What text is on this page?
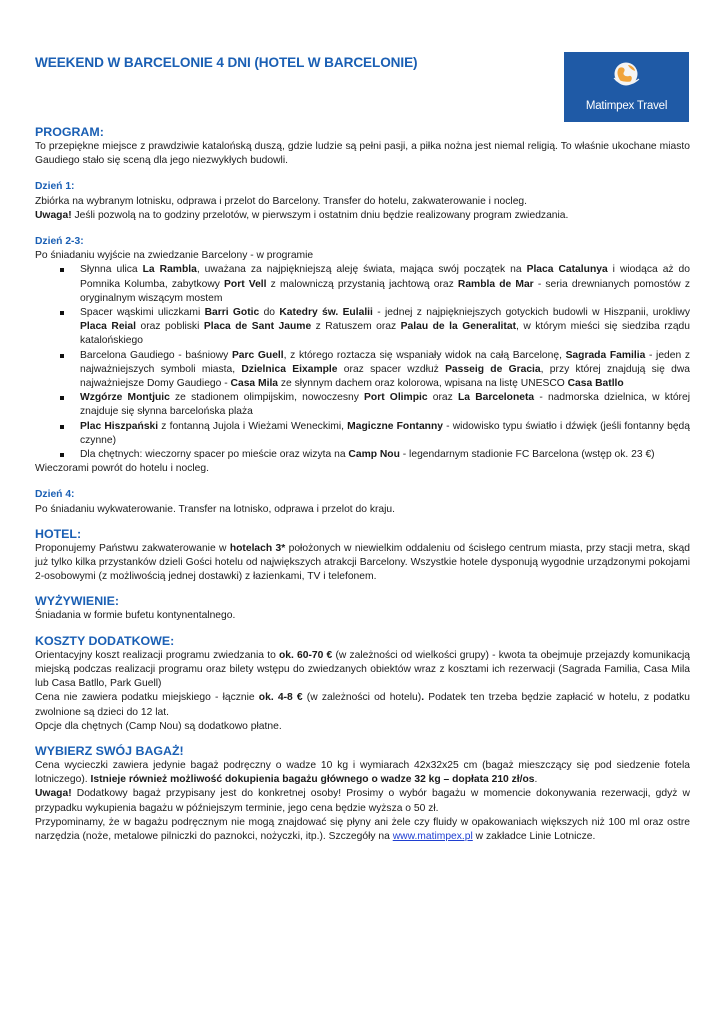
WEEKEND W BARCELONIE 4 DNI (HOTEL W BARCELONIE)
Matimpex Travel
PROGRAM:

To przepiękne miejsce z prawdziwie katalońską duszą, gdzie ludzie są pełni pasji, a piłka nożna jest niemal religią. To właśnie ukochane miasto Gaudiego stało się sceną dla jego niezwykłych budowli.

Dzień 1:

Zbiórka na wybranym lotnisku, odprawa i przelot do Barcelony. Transfer do hotelu, zakwaterowanie i nocleg.

Uwaga! Jeśli pozwolą na to godziny przelotów, w pierwszym i ostatnim dniu będzie realizowany program zwiedzania.

Dzień 2-3:

Po śniadaniu wyjście na zwiedzanie Barcelony - w programie

Słynna ulica La Rambla, uważana za najpiękniejszą aleję świata, mająca swój początek na Placa Catalunya i wiodąca aż do Pomnika Kolumba, zabytkowy Port Vell z malowniczą przystanią jachtową oraz Rambla de Mar - seria drewnianych pomostów z oryginalnym wiszącym mostem
Spacer wąskimi uliczkami Barri Gotic do Katedry św. Eulalii - jednej z najpiękniejszych gotyckich budowli w Hiszpanii, urokliwy Placa Reial oraz pobliski Placa de Sant Jaume z Ratuszem oraz Palau de la Generalitat, w którym mieści się siedziba rządu katalońskiego
Barcelona Gaudiego - baśniowy Parc Guell, z którego roztacza się wspaniały widok na całą Barcelonę, Sagrada Familia - jeden z najważniejszych symboli miasta, Dzielnica Eixample oraz spacer wzdłuż Passeig de Gracia, przy której znajdują się dwa najważniejsze Domy Gaudiego - Casa Mila ze słynnym dachem oraz kolorowa, wpisana na listę UNESCO Casa Batllo
Wzgórze Montjuic ze stadionem olimpijskim, nowoczesny Port Olimpic oraz La Barceloneta - nadmorska dzielnica, w której znajduje się słynna barcelońska plaża
Plac Hiszpański z fontanną Jujola i Wieżami Weneckimi, Magiczne Fontanny - widowisko typu światło i dźwięk (jeśli fontanny będą czynne)
Dla chętnych: wieczorny spacer po mieście oraz wizyta na Camp Nou - legendarnym stadionie FC Barcelona (wstęp ok. 23 €)

Wieczorami powrót do hotelu i nocleg.

Dzień 4:

Po śniadaniu wykwaterowanie. Transfer na lotnisko, odprawa i przelot do kraju.

HOTEL:

Proponujemy Państwu zakwaterowanie w hotelach 3* położonych w niewielkim oddaleniu od ścisłego centrum miasta, przy stacji metra, skąd już tylko kilka przystanków dzieli Gości hotelu od największych atrakcji Barcelony. Wszystkie hotele dysponują wygodnie urządzonymi pokojami 2-osobowymi (z możliwością jednej dostawki) z łazienkami, TV i telefonem.

WYŻYWIENIE:

Śniadania w formie bufetu kontynentalnego.

KOSZTY DODATKOWE:

Orientacyjny koszt realizacji programu zwiedzania to ok. 60-70 € (w zależności od wielkości grupy) - kwota ta obejmuje przejazdy komunikacją miejską podczas realizacji programu oraz bilety wstępu do zwiedzanych obiektów wraz z kosztami ich rezerwacji (Sagrada Familia, Casa Mila lub Casa Batllo, Park Guell)

Cena nie zawiera podatku miejskiego - łącznie ok. 4-8 € (w zależności od hotelu). Podatek ten trzeba będzie zapłacić w hotelu, z podatku zwolnione są dzieci do 12 lat.

Opcje dla chętnych (Camp Nou) są dodatkowo płatne.

WYBIERZ SWÓJ BAGAŻ!

Cena wycieczki zawiera jedynie bagaż podręczny o wadze 10 kg i wymiarach 42x32x25 cm (bagaż mieszczący się pod siedzenie fotela lotniczego). Istnieje również możliwość dokupienia bagażu głównego o wadze 32 kg – dopłata 210 zł/os.

Uwaga! Dodatkowy bagaż przypisany jest do konkretnej osoby! Prosimy o wybór bagażu w momencie dokonywania rezerwacji, gdyż w przypadku wykupienia bagażu w późniejszym terminie, jego cena będzie wyższa o 50 zł.

Przypominamy, że w bagażu podręcznym nie mogą znajdować się płyny ani żele czy fluidy w opakowaniach większych niż 100 ml oraz ostre narzędzia (noże, metalowe pilniczki do paznokci, nożyczki, itp.). Szczegóły na www.matimpex.pl w zakładce Linie Lotnicze.
